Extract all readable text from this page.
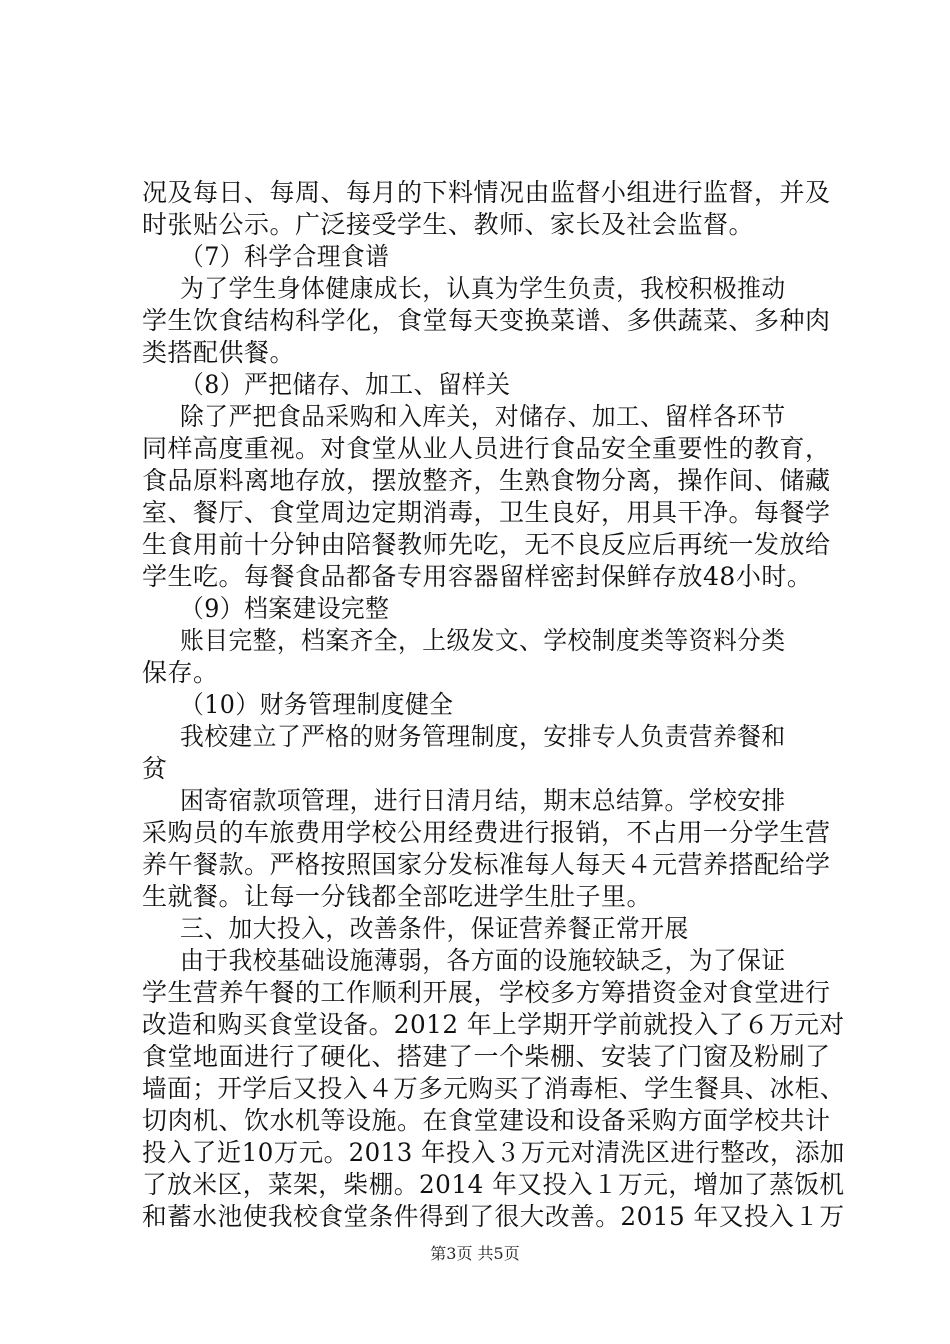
况及每日、每周、每月的下料情况由监督小组进行监督，并及
时张贴公示。广泛接受学生、教师、家长及社会监督。
（7）科学合理食谱
为了学生身体健康成长，认真为学生负责，我校积极推动
学生饮食结构科学化，食堂每天变换菜谱、多供蔬菜、多种肉
类搭配供餐。
（8）严把储存、加工、留样关
除了严把食品采购和入库关，对储存、加工、留样各环节
同样高度重视。对食堂从业人员进行食品安全重要性的教育，
食品原料离地存放，摆放整齐，生熟食物分离，操作间、储藏
室、餐厅、食堂周边定期消毒，卫生良好，用具干净。每餐学
生食用前十分钟由陪餐教师先吃，无不良反应后再统一发放给
学生吃。每餐食品都备专用容器留样密封保鲜存放48小时。
（9）档案建设完整
账目完整，档案齐全，上级发文、学校制度类等资料分类
保存。
（10）财务管理制度健全
我校建立了严格的财务管理制度，安排专人负责营养餐和
贫
困寄宿款项管理，进行日清月结，期末总结算。学校安排
采购员的车旅费用学校公用经费进行报销，不占用一分学生营
养午餐款。严格按照国家分发标准每人每天４元营养搭配给学
生就餐。让每一分钱都全部吃进学生肚子里。
三、加大投入，改善条件，保证营养餐正常开展
由于我校基础设施薄弱，各方面的设施较缺乏，为了保证
学生营养午餐的工作顺利开展，学校多方筹措资金对食堂进行
改造和购买食堂设备。2012 年上学期开学前就投入了６万元对
食堂地面进行了硬化、搭建了一个柴棚、安装了门窗及粉刷了
墙面；开学后又投入４万多元购买了消毒柜、学生餐具、冰柜、
切肉机、饮水机等设施。在食堂建设和设备采购方面学校共计
投入了近10万元。2013 年投入３万元对清洗区进行整改，添加
了放米区，菜架，柴棚。2014 年又投入１万元，增加了蒸饭机
和蓄水池使我校食堂条件得到了很大改善。2015 年又投入１万
第3页 共5页
